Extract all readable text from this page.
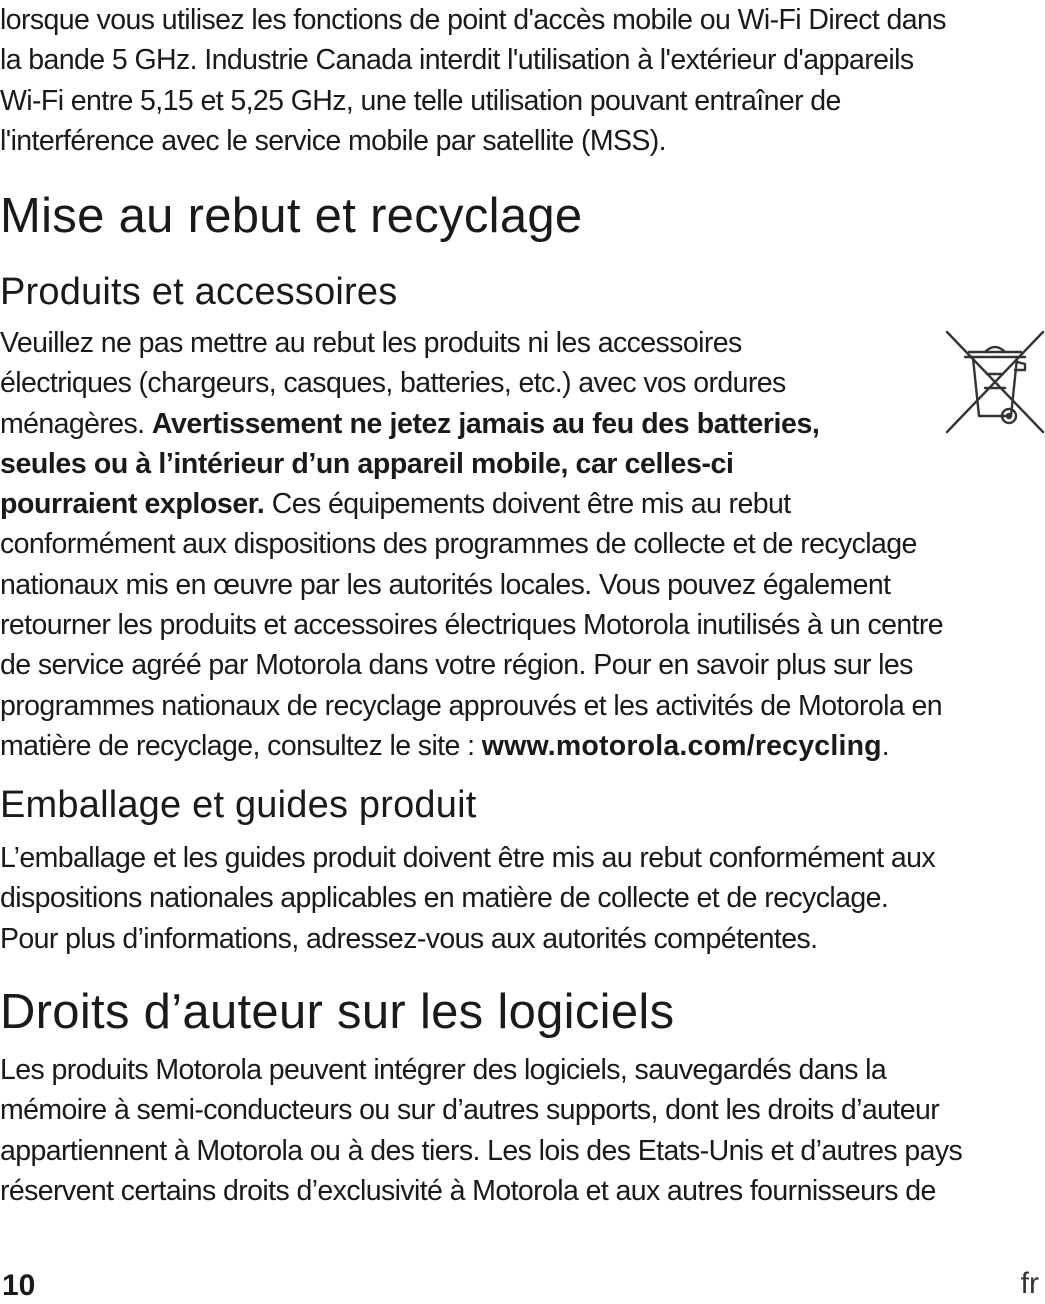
lorsque vous utilisez les fonctions de point d'accès mobile ou Wi-Fi Direct dans
la bande 5 GHz. Industrie Canada interdit l'utilisation à l'extérieur d'appareils
Wi-Fi entre 5,15 et 5,25 GHz, une telle utilisation pouvant entraîner de
l'interférence avec le service mobile par satellite (MSS).

Mise au rebut et recyclage
Produits et accessoires
Veuillez ne pas mettre au rebut les produits ni les accessoires
électriques (chargeurs, casques, batteries, etc.) avec vos ordures
ménagères. Avertissement ne jetez jamais au feu des batteries,
seules ou à l’intérieur d’un appareil mobile, car celles-ci
pourraient exploser. Ces équipements doivent être mis au rebut
conformément aux dispositions des programmes de collecte et de recyclage
nationaux mis en œuvre par les autorités locales. Vous pouvez également
retourner les produits et accessoires électriques Motorola inutilisés à un centre
de service agréé par Motorola dans votre région. Pour en savoir plus sur les
programmes nationaux de recyclage approuvés et les activités de Motorola en
matière de recyclage, consultez le site : www.motorola.com/recycling.
Emballage et guides produit
L’emballage et les guides produit doivent être mis au rebut conformément aux
dispositions nationales applicables en matière de collecte et de recyclage.
Pour plus d’informations, adressez-vous aux autorités compétentes.
Droits d’auteur sur les logiciels
Les produits Motorola peuvent intégrer des logiciels, sauvegardés dans la
mémoire à semi-conducteurs ou sur d’autres supports, dont les droits d’auteur
appartiennent à Motorola ou à des tiers. Les lois des Etats-Unis et d’autres pays
réservent certains droits d’exclusivité à Motorola et aux autres fournisseurs de
10	fr
